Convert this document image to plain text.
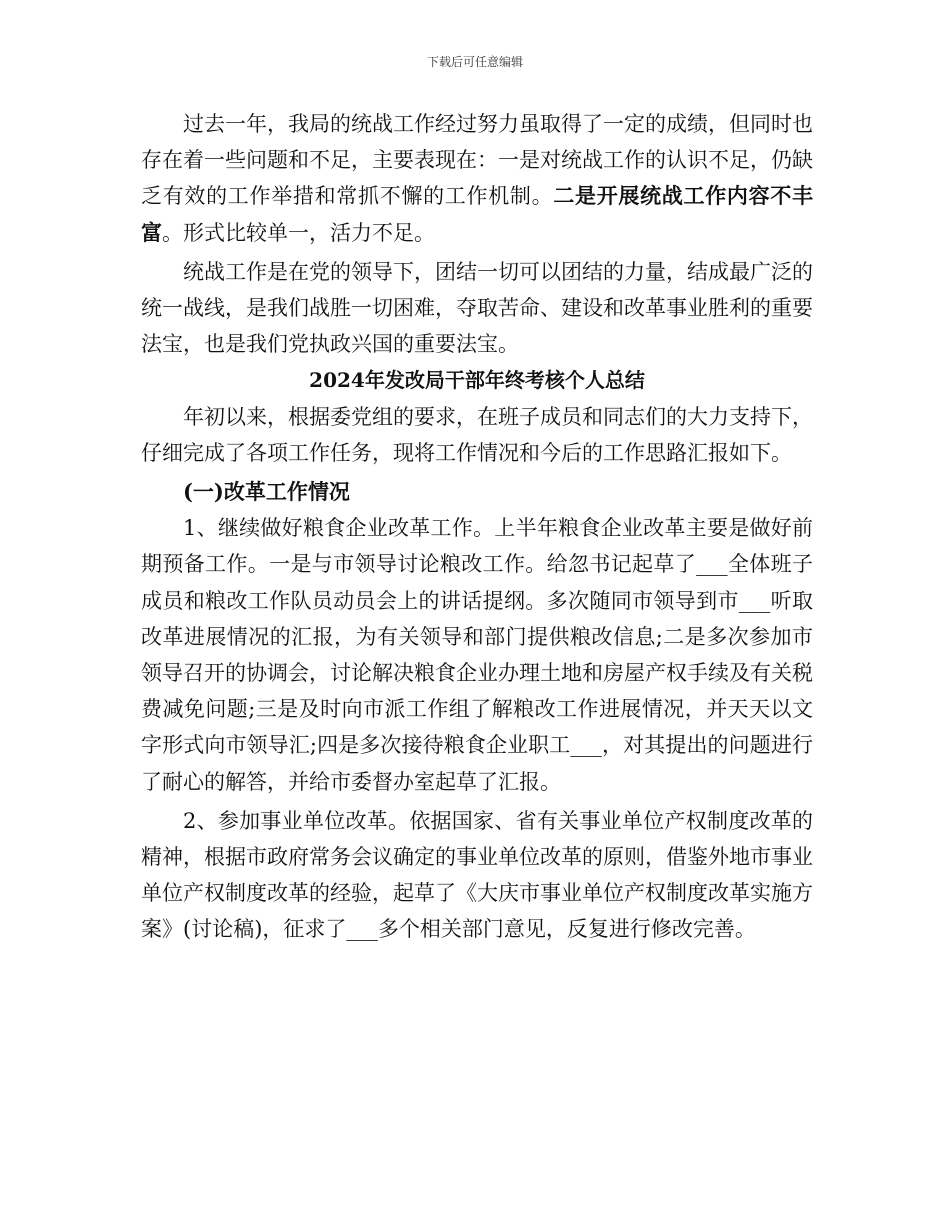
下载后可任意编辑

过去一年，我局的统战工作经过努力虽取得了一定的成绩，但同时也存在着一些问题和不足，主要表现在：一是对统战工作的认识不足，仍缺乏有效的工作举措和常抓不懈的工作机制。二是开展统战工作内容不丰富。形式比较单一，活力不足。

统战工作是在党的领导下，团结一切可以团结的力量，结成最广泛的统一战线，是我们战胜一切困难，夺取苦命、建设和改革事业胜利的重要法宝，也是我们党执政兴国的重要法宝。

2024年发改局干部年终考核个人总结

年初以来，根据委党组的要求，在班子成员和同志们的大力支持下，仔细完成了各项工作任务，现将工作情况和今后的工作思路汇报如下。

(一)改革工作情况

1、继续做好粮食企业改革工作。上半年粮食企业改革主要是做好前期预备工作。一是与市领导讨论粮改工作。给忽书记起草了___全体班子成员和粮改工作队员动员会上的讲话提纲。多次随同市领导到市___听取改革进展情况的汇报，为有关领导和部门提供粮改信息;二是多次参加市领导召开的协调会，讨论解决粮食企业办理土地和房屋产权手续及有关税费减免问题;三是及时向市派工作组了解粮改工作进展情况，并天天以文字形式向市领导汇;四是多次接待粮食企业职工___，对其提出的问题进行了耐心的解答，并给市委督办室起草了汇报。

2、参加事业单位改革。依据国家、省有关事业单位产权制度改革的精神，根据市政府常务会议确定的事业单位改革的原则，借鉴外地市事业单位产权制度改革的经验，起草了《大庆市事业单位产权制度改革实施方案》(讨论稿)，征求了___多个相关部门意见，反复进行修改完善。
